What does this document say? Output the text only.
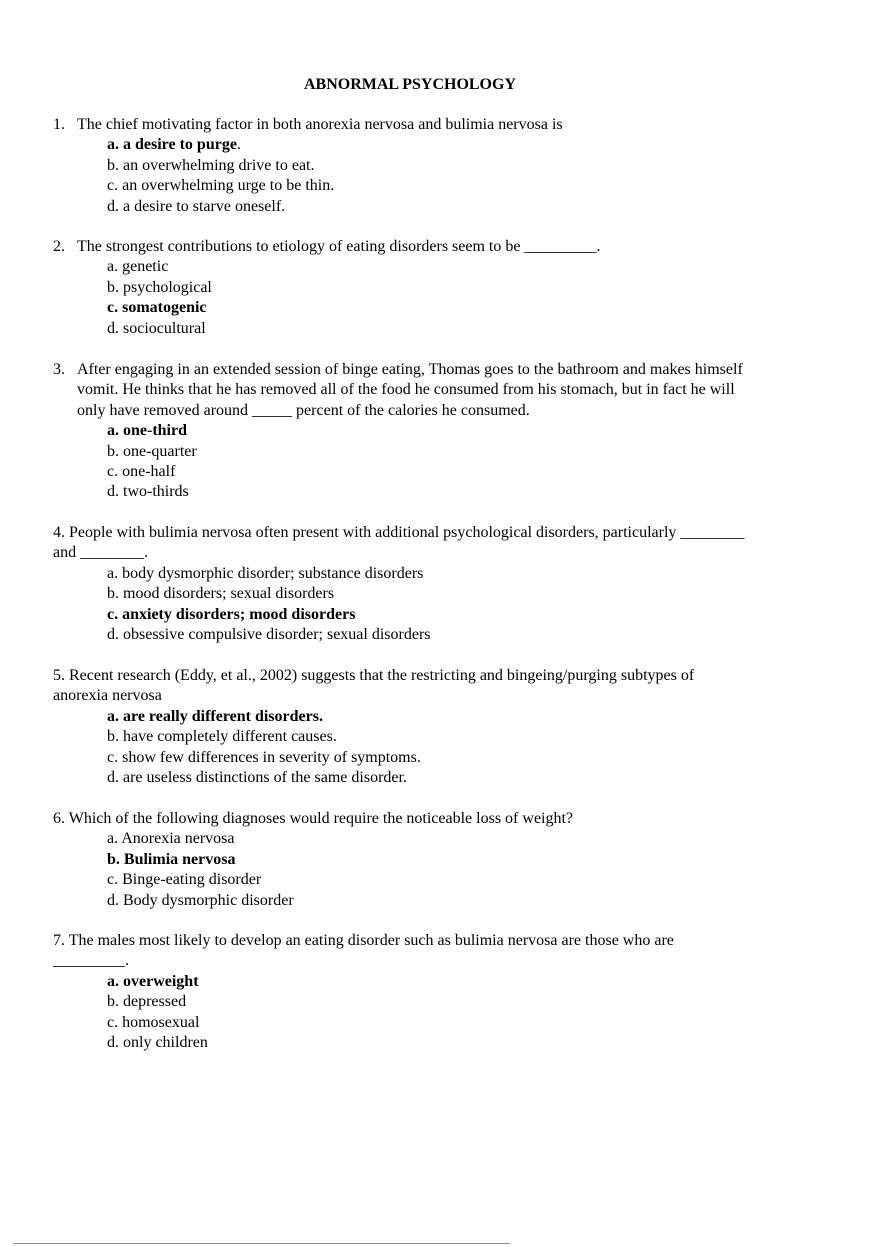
ABNORMAL PSYCHOLOGY
1. The chief motivating factor in both anorexia nervosa and bulimia nervosa is
a. a desire to purge.
b. an overwhelming drive to eat.
c. an overwhelming urge to be thin.
d. a desire to starve oneself.
2. The strongest contributions to etiology of eating disorders seem to be _________.
a. genetic
b. psychological
c. somatogenic
d. sociocultural
3. After engaging in an extended session of binge eating, Thomas goes to the bathroom and makes himself
vomit. He thinks that he has removed all of the food he consumed from his stomach, but in fact he will
only have removed around _____ percent of the calories he consumed.
a. one-third
b. one-quarter
c. one-half
d. two-thirds
4. People with bulimia nervosa often present with additional psychological disorders, particularly ________
and ________.
a. body dysmorphic disorder; substance disorders
b. mood disorders; sexual disorders
c. anxiety disorders; mood disorders
d. obsessive compulsive disorder; sexual disorders
5. Recent research (Eddy, et al., 2002) suggests that the restricting and bingeing/purging subtypes of
anorexia nervosa
a. are really different disorders.
b. have completely different causes.
c. show few differences in severity of symptoms.
d. are useless distinctions of the same disorder.
6. Which of the following diagnoses would require the noticeable loss of weight?
a. Anorexia nervosa
b. Bulimia nervosa
c. Binge-eating disorder
d. Body dysmorphic disorder
7. The males most likely to develop an eating disorder such as bulimia nervosa are those who are
_________.
a. overweight
b. depressed
c. homosexual
d. only children
